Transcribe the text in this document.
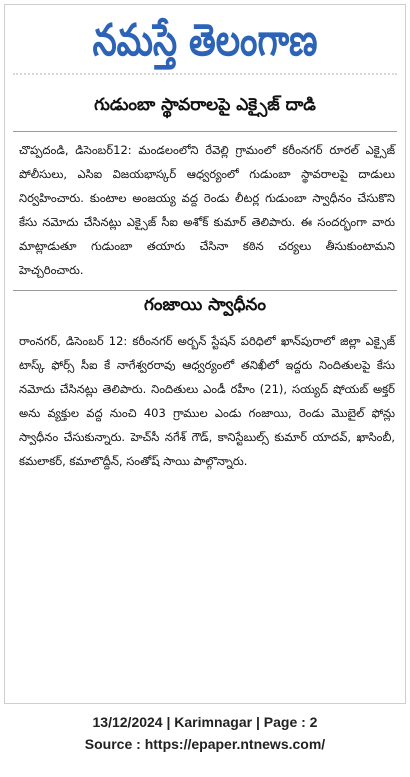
నమస్తే తెలంగాణ
గుడుంబా స్థావరాలపై ఎక్సైజ్ దాడి
చొప్పదండి, డిసెంబర్12: మండలంలోని రేవెల్లి గ్రామంలో కరీంనగర్ రూరల్ ఎక్సైజ్ పోలీసులు, ఎసిఐ విజయభాస్కర్ ఆధ్వర్యంలో గుడుంబా స్థావరాలపై దాడులు నిర్వహించారు. కుంటాల అంజయ్య వద్ద రెండు లీటర్ల గుడుంబా స్వాధీనం చేసుకొని కేసు నమోదు చేసినట్లు ఎక్సైజ్ సీఐ అశోక్ కుమార్ తెలిపారు. ఈ సందర్భంగా వారు మాట్లాడుతూ గుడుంబా తయారు చేసినా కఠిన చర్యలు తీసుకుంటామని హెచ్చరించారు.
గంజాయి స్వాధీనం
రాంనగర్, డిసెంబర్ 12: కరీంనగర్ అర్బన్ స్టేషన్ పరిధిలో ఖాన్‌పురాలో జిల్లా ఎక్సైజ్ టాస్క్ ఫోర్స్ సీఐ కే నాగేశ్వరరావు ఆధ్వర్యంలో తనిఖీలో ఇద్దరు నిందితులపై కేసు నమోదు చేసినట్లు తెలిపారు. నిందితులు ఎండీ రహీం (21), సయ్యద్ షోయబ్ అక్తర్ అను వ్యక్తుల వద్ద నుంచి 403 గ్రాముల ఎండు గంజాయి, రెండు మొబైల్ ఫోన్లు స్వాధీనం చేసుకున్నారు. హెచ్‌సీ నగేశ్ గౌడ్, కానిస్టేబుల్స్ కుమార్ యాదవ్, ఖాసింబీ, కమలాకర్, కమాలొద్దీన్, సంతోష్ సాయి పాల్గొన్నారు.
13/12/2024 | Karimnagar | Page : 2
Source : https://epaper.ntnews.com/
